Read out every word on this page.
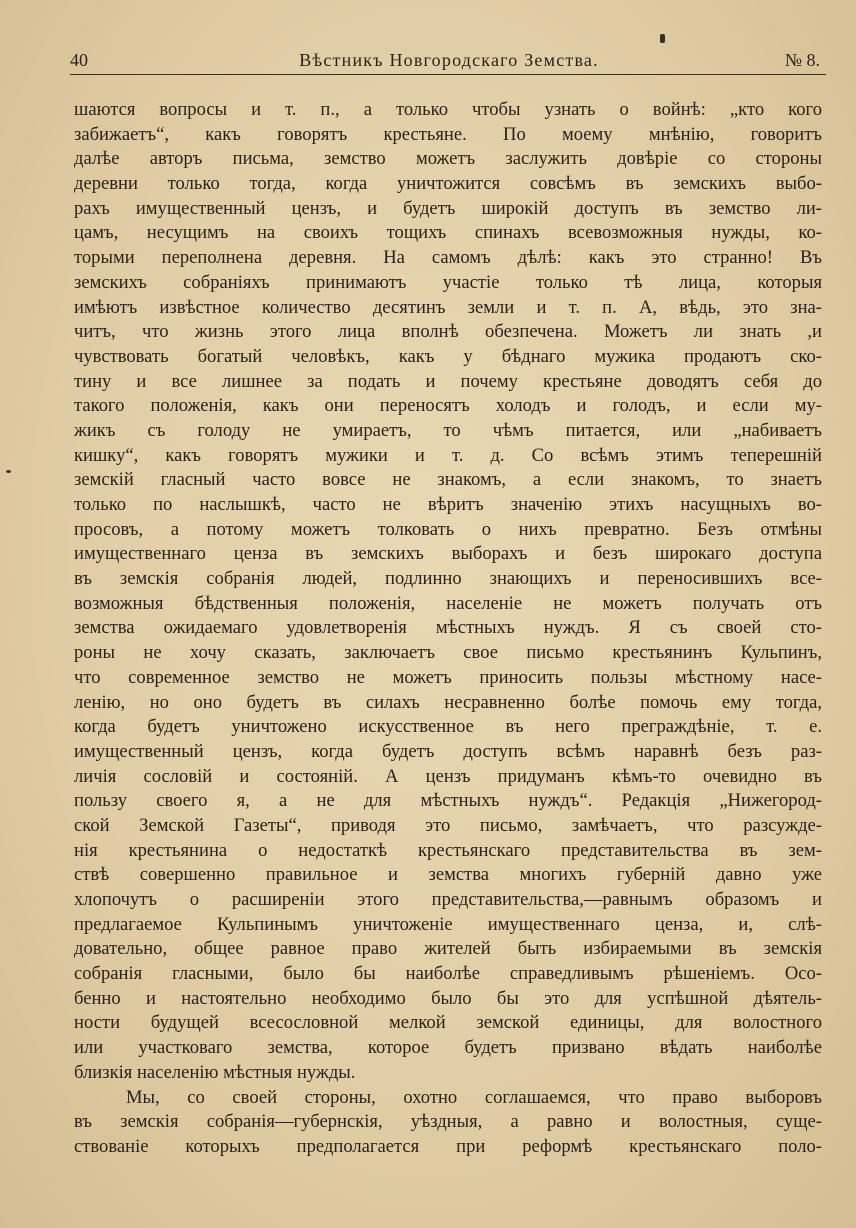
40	Вѣстникъ Новгородскаго Земства.	№ 8.
шаются вопросы и т. п., а только чтобы узнать о войнѣ: „кто кого
забижаетъ“, какъ говорятъ крестьяне. По моему мнѣнію, говоритъ
далѣе авторъ письма, земство можетъ заслужить довѣріе со стороны
деревни только тогда, когда уничтожится совсѣмъ въ земскихъ выбо-
рахъ имущественный цензъ, и будетъ широкій доступъ въ земство ли-
цамъ, несущимъ на своихъ тощихъ спинахъ всевозможныя нужды, ко-
торыми переполнена деревня. На самомъ дѣлѣ: какъ это странно! Въ
земскихъ собраніяхъ принимаютъ участіе только тѣ лица, которыя
имѣютъ извѣстное количество десятинъ земли и т. п. А, вѣдь, это зна-
читъ, что жизнь этого лица вполнѣ обезпечена. Можетъ ли знать ,и
чувствовать богатый человѣкъ, какъ у бѣднаго мужика продаютъ ско-
тину и все лишнее за подать и почему крестьяне доводятъ себя до
такого положенія, какъ они переносятъ холодъ и голодъ, и если му-
жикъ съ голоду не умираетъ, то чѣмъ питается, или „набиваетъ
кишку“, какъ говорятъ мужики и т. д. Со всѣмъ этимъ теперешній
земскій гласный часто вовсе не знакомъ, а если знакомъ, то знаетъ
только по наслышкѣ, часто не вѣритъ значенію этихъ насущныхъ во-
просовъ, а потому можетъ толковать о нихъ превратно. Безъ отмѣны
имущественнаго ценза въ земскихъ выборахъ и безъ широкаго доступа
въ земскія собранія людей, подлинно знающихъ и переносившихъ все-
возможныя бѣдственныя положенія, населеніе не можетъ получать отъ
земства ожидаемаго удовлетворенія мѣстныхъ нуждъ. Я съ своей сто-
роны не хочу сказать, заключаетъ свое письмо крестьянинъ Кульпинъ,
что современное земство не можетъ приносить пользы мѣстному насе-
ленію, но оно будетъ въ силахъ несравненно болѣе помочь ему тогда,
когда будетъ уничтожено искусственное въ него преграждѣніе, т. е.
имущественный цензъ, когда будетъ доступъ всѣмъ наравнѣ безъ раз-
личія сословій и состояній. А цензъ придуманъ кѣмъ-то очевидно въ
пользу своего я, а не для мѣстныхъ нуждъ“. Редакція „Нижегород-
ской Земской Газеты“, приводя это письмо, замѣчаетъ, что разсужде-
нія крестьянина о недостаткѣ крестьянскаго представительства въ зем-
ствѣ совершенно правильное и земства многихъ губерній давно уже
хлопочутъ о расширеніи этого представительства,—равнымъ образомъ и
предлагаемое Кульпинымъ уничтоженіе имущественнаго ценза, и, слѣ-
довательно, общее равное право жителей быть избираемыми въ земскія
собранія гласными, было бы наиболѣе справедливымъ рѣшеніемъ. Осо-
бенно и настоятельно необходимо было бы это для успѣшной дѣятель-
ности будущей всесословной мелкой земской единицы, для волостного
или участковаго земства, которое будетъ призвано вѣдать наиболѣе
близкія населенію мѣстныя нужды.
Мы, со своей стороны, охотно соглашаемся, что право выборовъ
въ земскія собранія—губернскія, уѣздныя, а равно и волостныя, суще-
ствованіе которыхъ предполагается при реформѣ крестьянскаго поло-
